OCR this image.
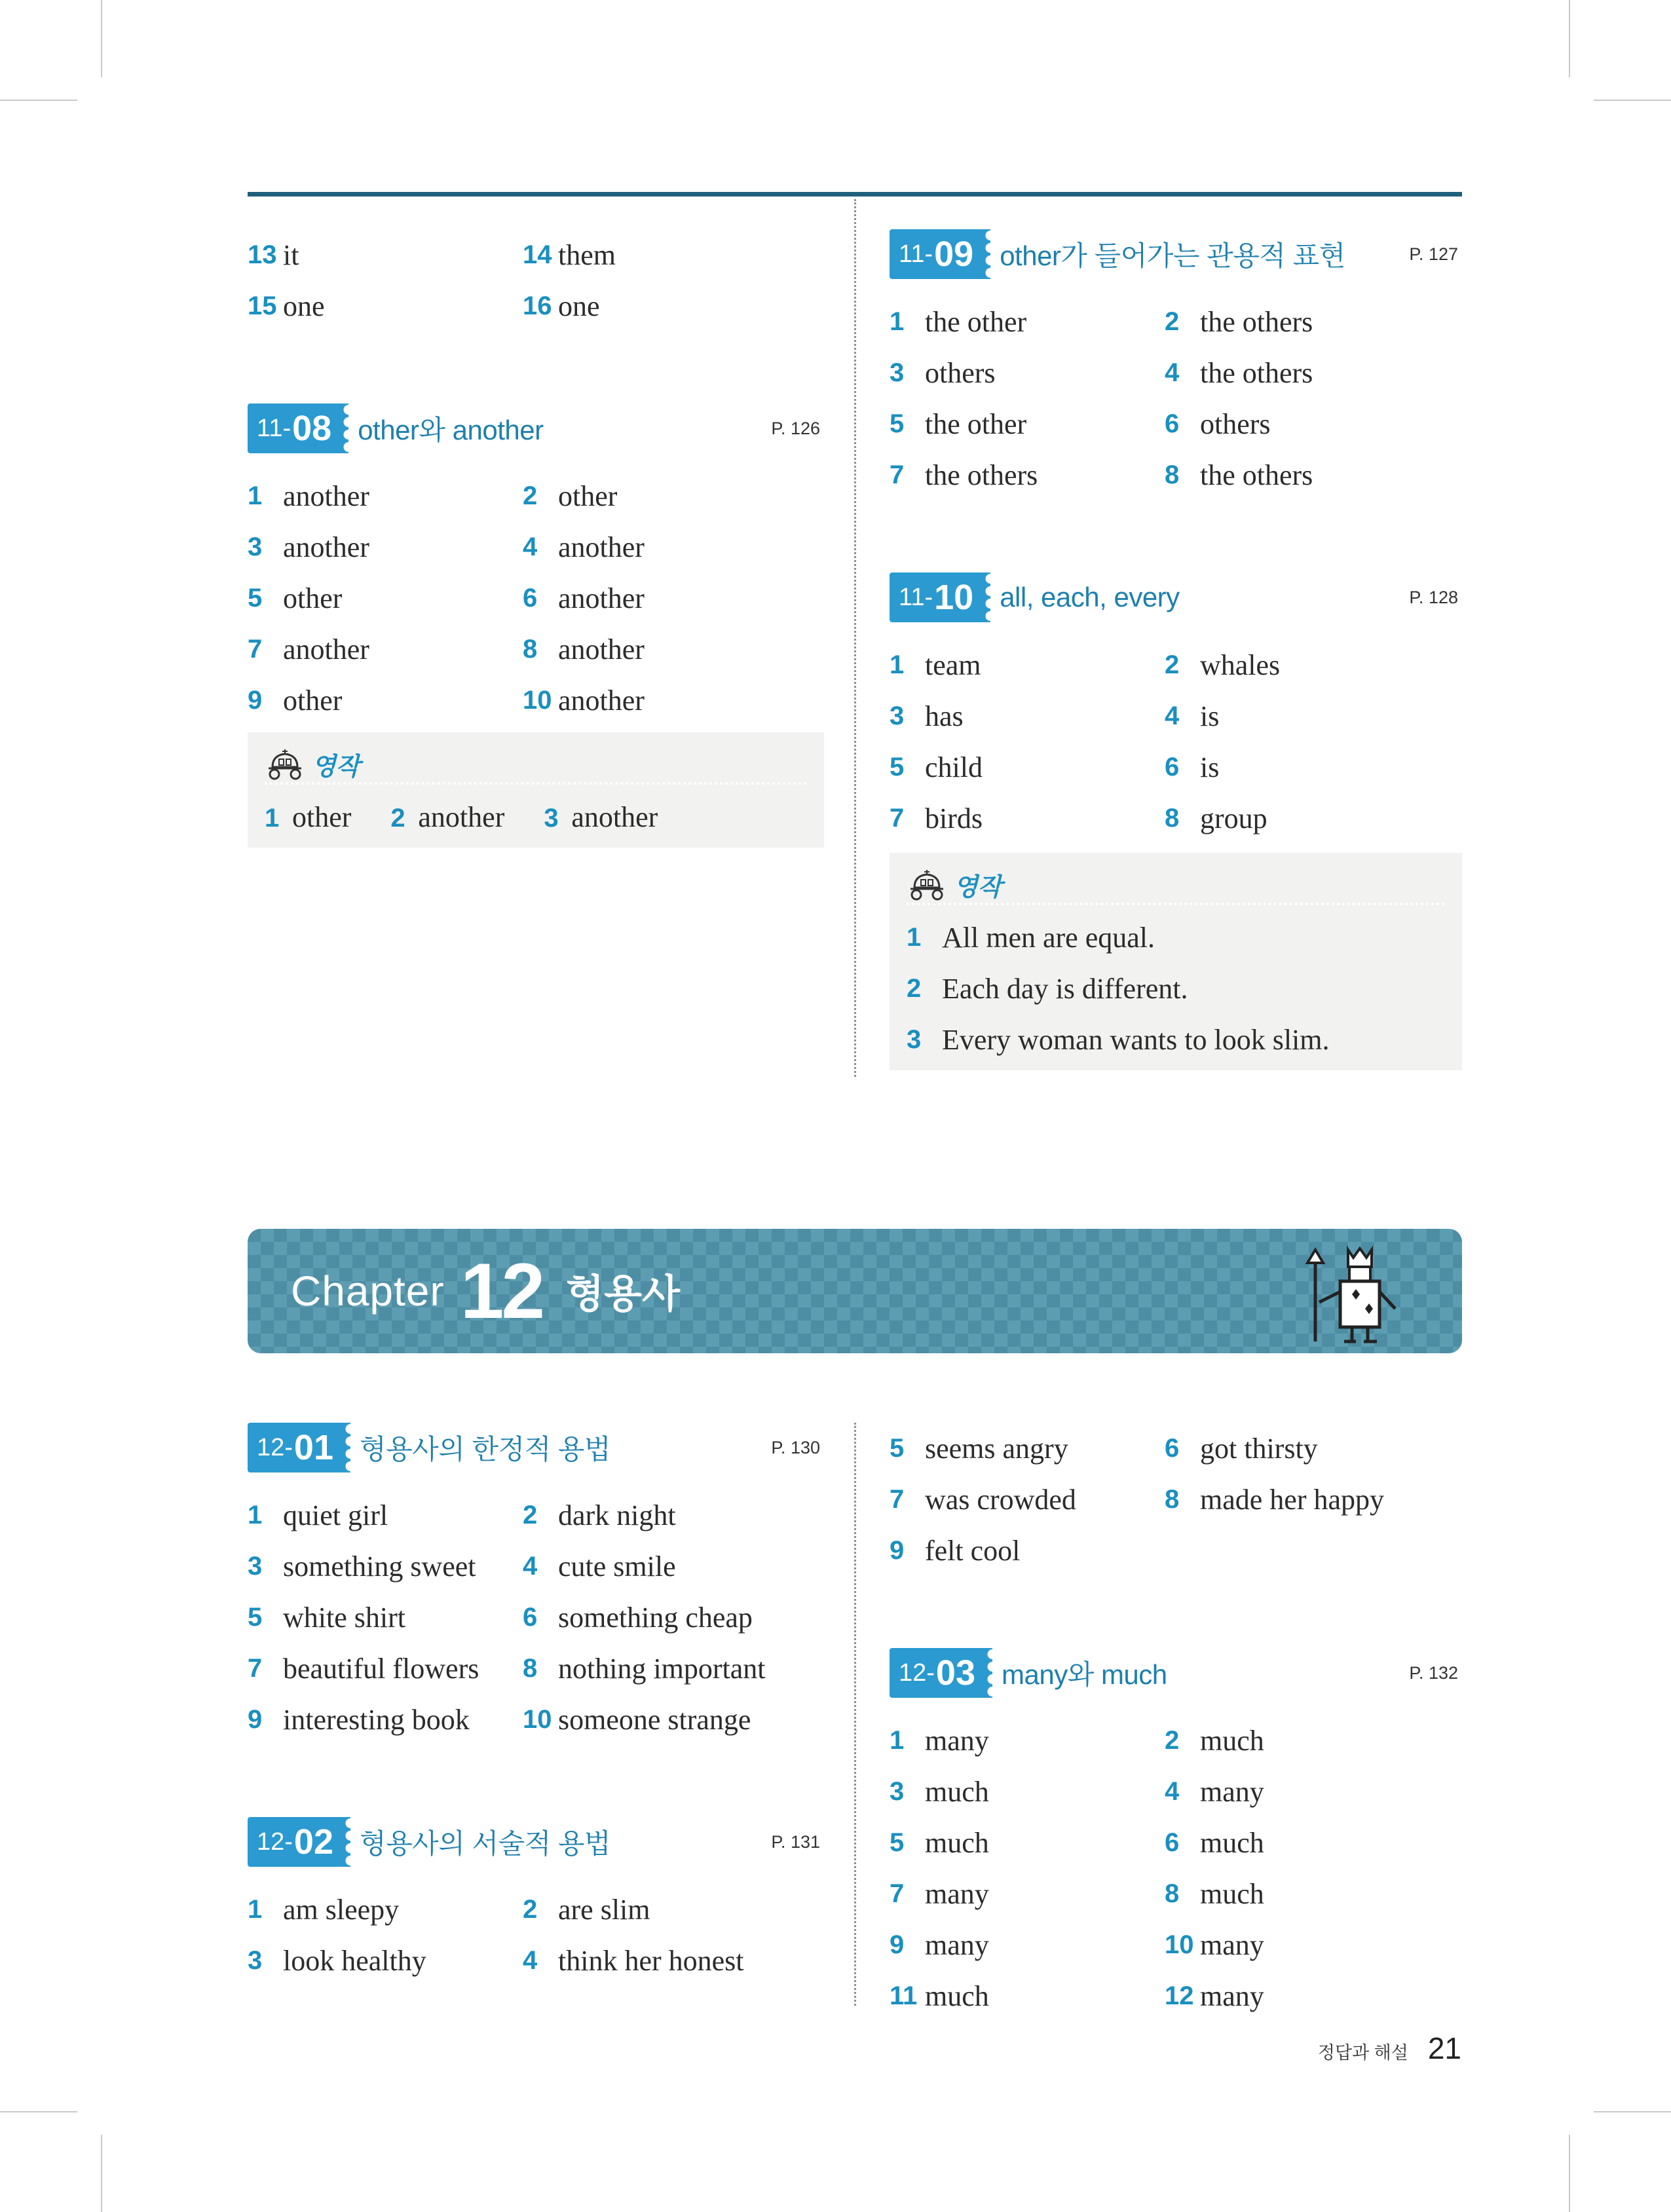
13 it	14 them
15 one	16 one
11- 08 other와 another	P. 126
1 another	2 other
3 another	4 another
5 other	6 another
7 another	8 another
9 other	10 another
영작
1 other 2 another 3 another
11- 09 other가 들어가는 관용적 표현	P. 127
1 the other	2 the others
3 others	4 the others
5 the other	6 others
7 the others	8 the others
11- 10 all, each, every	P. 128
1 team	2 whales
3 has	4 is
5 child	6 is
7 birds	8 group
영작
1 All men are equal.
2 Each day is different.
3 Every woman wants to look slim.
Chapter 12 형용사
12- 01 형용사의 한정적 용법	P. 130
1 quiet girl	2 dark night
3 something sweet 4 cute smile
5 white shirt	6 something cheap
7 beautiful flowers 8 nothing important
9 interesting book 10 someone strange
12- 02 형용사의 서술적 용법	P. 131
1 am sleepy	2 are slim
3 look healthy	4 think her honest
5 seems angry	6 got thirsty
7 was crowded	8 made her happy
9 felt cool
12- 03 many와 much	P. 132
1 many	2 much
3 much	4 many
5 much	6 much
7 many	8 much
9 many	10 many
11 much	12 many
정답과 해설 21
